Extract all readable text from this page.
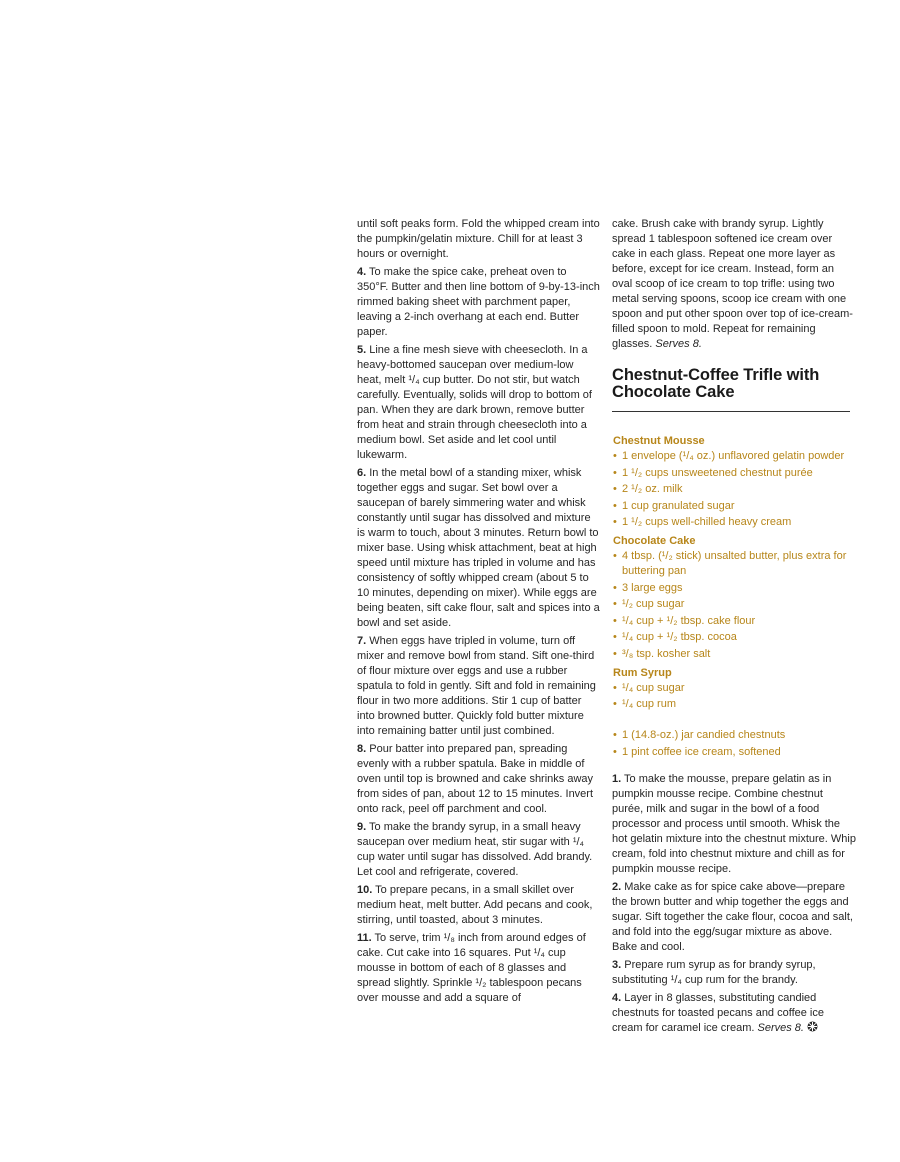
until soft peaks form. Fold the whipped cream into the pumpkin/gelatin mixture. Chill for at least 3 hours or overnight.

4. To make the spice cake, preheat oven to 350°F. Butter and then line bottom of 9-by-13-inch rimmed baking sheet with parchment paper, leaving a 2-inch overhang at each end. Butter paper.

5. Line a fine mesh sieve with cheesecloth. In a heavy-bottomed saucepan over medium-low heat, melt ¹/₄ cup butter. Do not stir, but watch carefully. Eventually, solids will drop to bottom of pan. When they are dark brown, remove butter from heat and strain through cheesecloth into a medium bowl. Set aside and let cool until lukewarm.

6. In the metal bowl of a standing mixer, whisk together eggs and sugar. Set bowl over a saucepan of barely simmering water and whisk constantly until sugar has dissolved and mixture is warm to touch, about 3 minutes. Return bowl to mixer base. Using whisk attachment, beat at high speed until mixture has tripled in volume and has consistency of softly whipped cream (about 5 to 10 minutes, depending on mixer). While eggs are being beaten, sift cake flour, salt and spices into a bowl and set aside.

7. When eggs have tripled in volume, turn off mixer and remove bowl from stand. Sift one-third of flour mixture over eggs and use a rubber spatula to fold in gently. Sift and fold in remaining flour in two more additions. Stir 1 cup of batter into browned butter. Quickly fold butter mixture into remaining batter until just combined.

8. Pour batter into prepared pan, spreading evenly with a rubber spatula. Bake in middle of oven until top is browned and cake shrinks away from sides of pan, about 12 to 15 minutes. Invert onto rack, peel off parchment and cool.

9. To make the brandy syrup, in a small heavy saucepan over medium heat, stir sugar with ¹/₄ cup water until sugar has dissolved. Add brandy. Let cool and refrigerate, covered.

10. To prepare pecans, in a small skillet over medium heat, melt butter. Add pecans and cook, stirring, until toasted, about 3 minutes.

11. To serve, trim ¹/₈ inch from around edges of cake. Cut cake into 16 squares. Put ¹/₄ cup mousse in bottom of each of 8 glasses and spread slightly. Sprinkle ¹/₂ tablespoon pecans over mousse and add a square of

cake. Brush cake with brandy syrup. Lightly spread 1 tablespoon softened ice cream over cake in each glass. Repeat one more layer as before, except for ice cream. Instead, form an oval scoop of ice cream to top trifle: using two metal serving spoons, scoop ice cream with one spoon and put other spoon over top of ice-cream-filled spoon to mold. Repeat for remaining glasses. Serves 8.

Chestnut-Coffee Trifle with Chocolate Cake
Chestnut Mousse
• 1 envelope (¹/₄ oz.) unflavored gelatin powder
• 1 ¹/₂ cups unsweetened chestnut purée
• 2 ¹/₂ oz. milk
• 1 cup granulated sugar
• 1 ¹/₂ cups well-chilled heavy cream
Chocolate Cake
• 4 tbsp. (¹/₂ stick) unsalted butter, plus extra for buttering pan
• 3 large eggs
• ¹/₂ cup sugar
• ¹/₄ cup + ¹/₂ tbsp. cake flour
• ¹/₄ cup + ¹/₂ tbsp. cocoa
• ³/₈ tsp. kosher salt
Rum Syrup
• ¹/₄ cup sugar
• ¹/₄ cup rum
• 1 (14.8-oz.) jar candied chestnuts
• 1 pint coffee ice cream, softened

1. To make the mousse, prepare gelatin as in pumpkin mousse recipe. Combine chestnut purée, milk and sugar in the bowl of a food processor and process until smooth. Whisk the hot gelatin mixture into the chestnut mixture. Whip cream, fold into chestnut mixture and chill as for pumpkin mousse recipe.

2. Make cake as for spice cake above—prepare the brown butter and whip together the eggs and sugar. Sift together the cake flour, cocoa and salt, and fold into the egg/sugar mixture as above. Bake and cool.

3. Prepare rum syrup as for brandy syrup, substituting ¹/₄ cup rum for the brandy.

4. Layer in 8 glasses, substituting candied chestnuts for toasted pecans and coffee ice cream for caramel ice cream. Serves 8.
